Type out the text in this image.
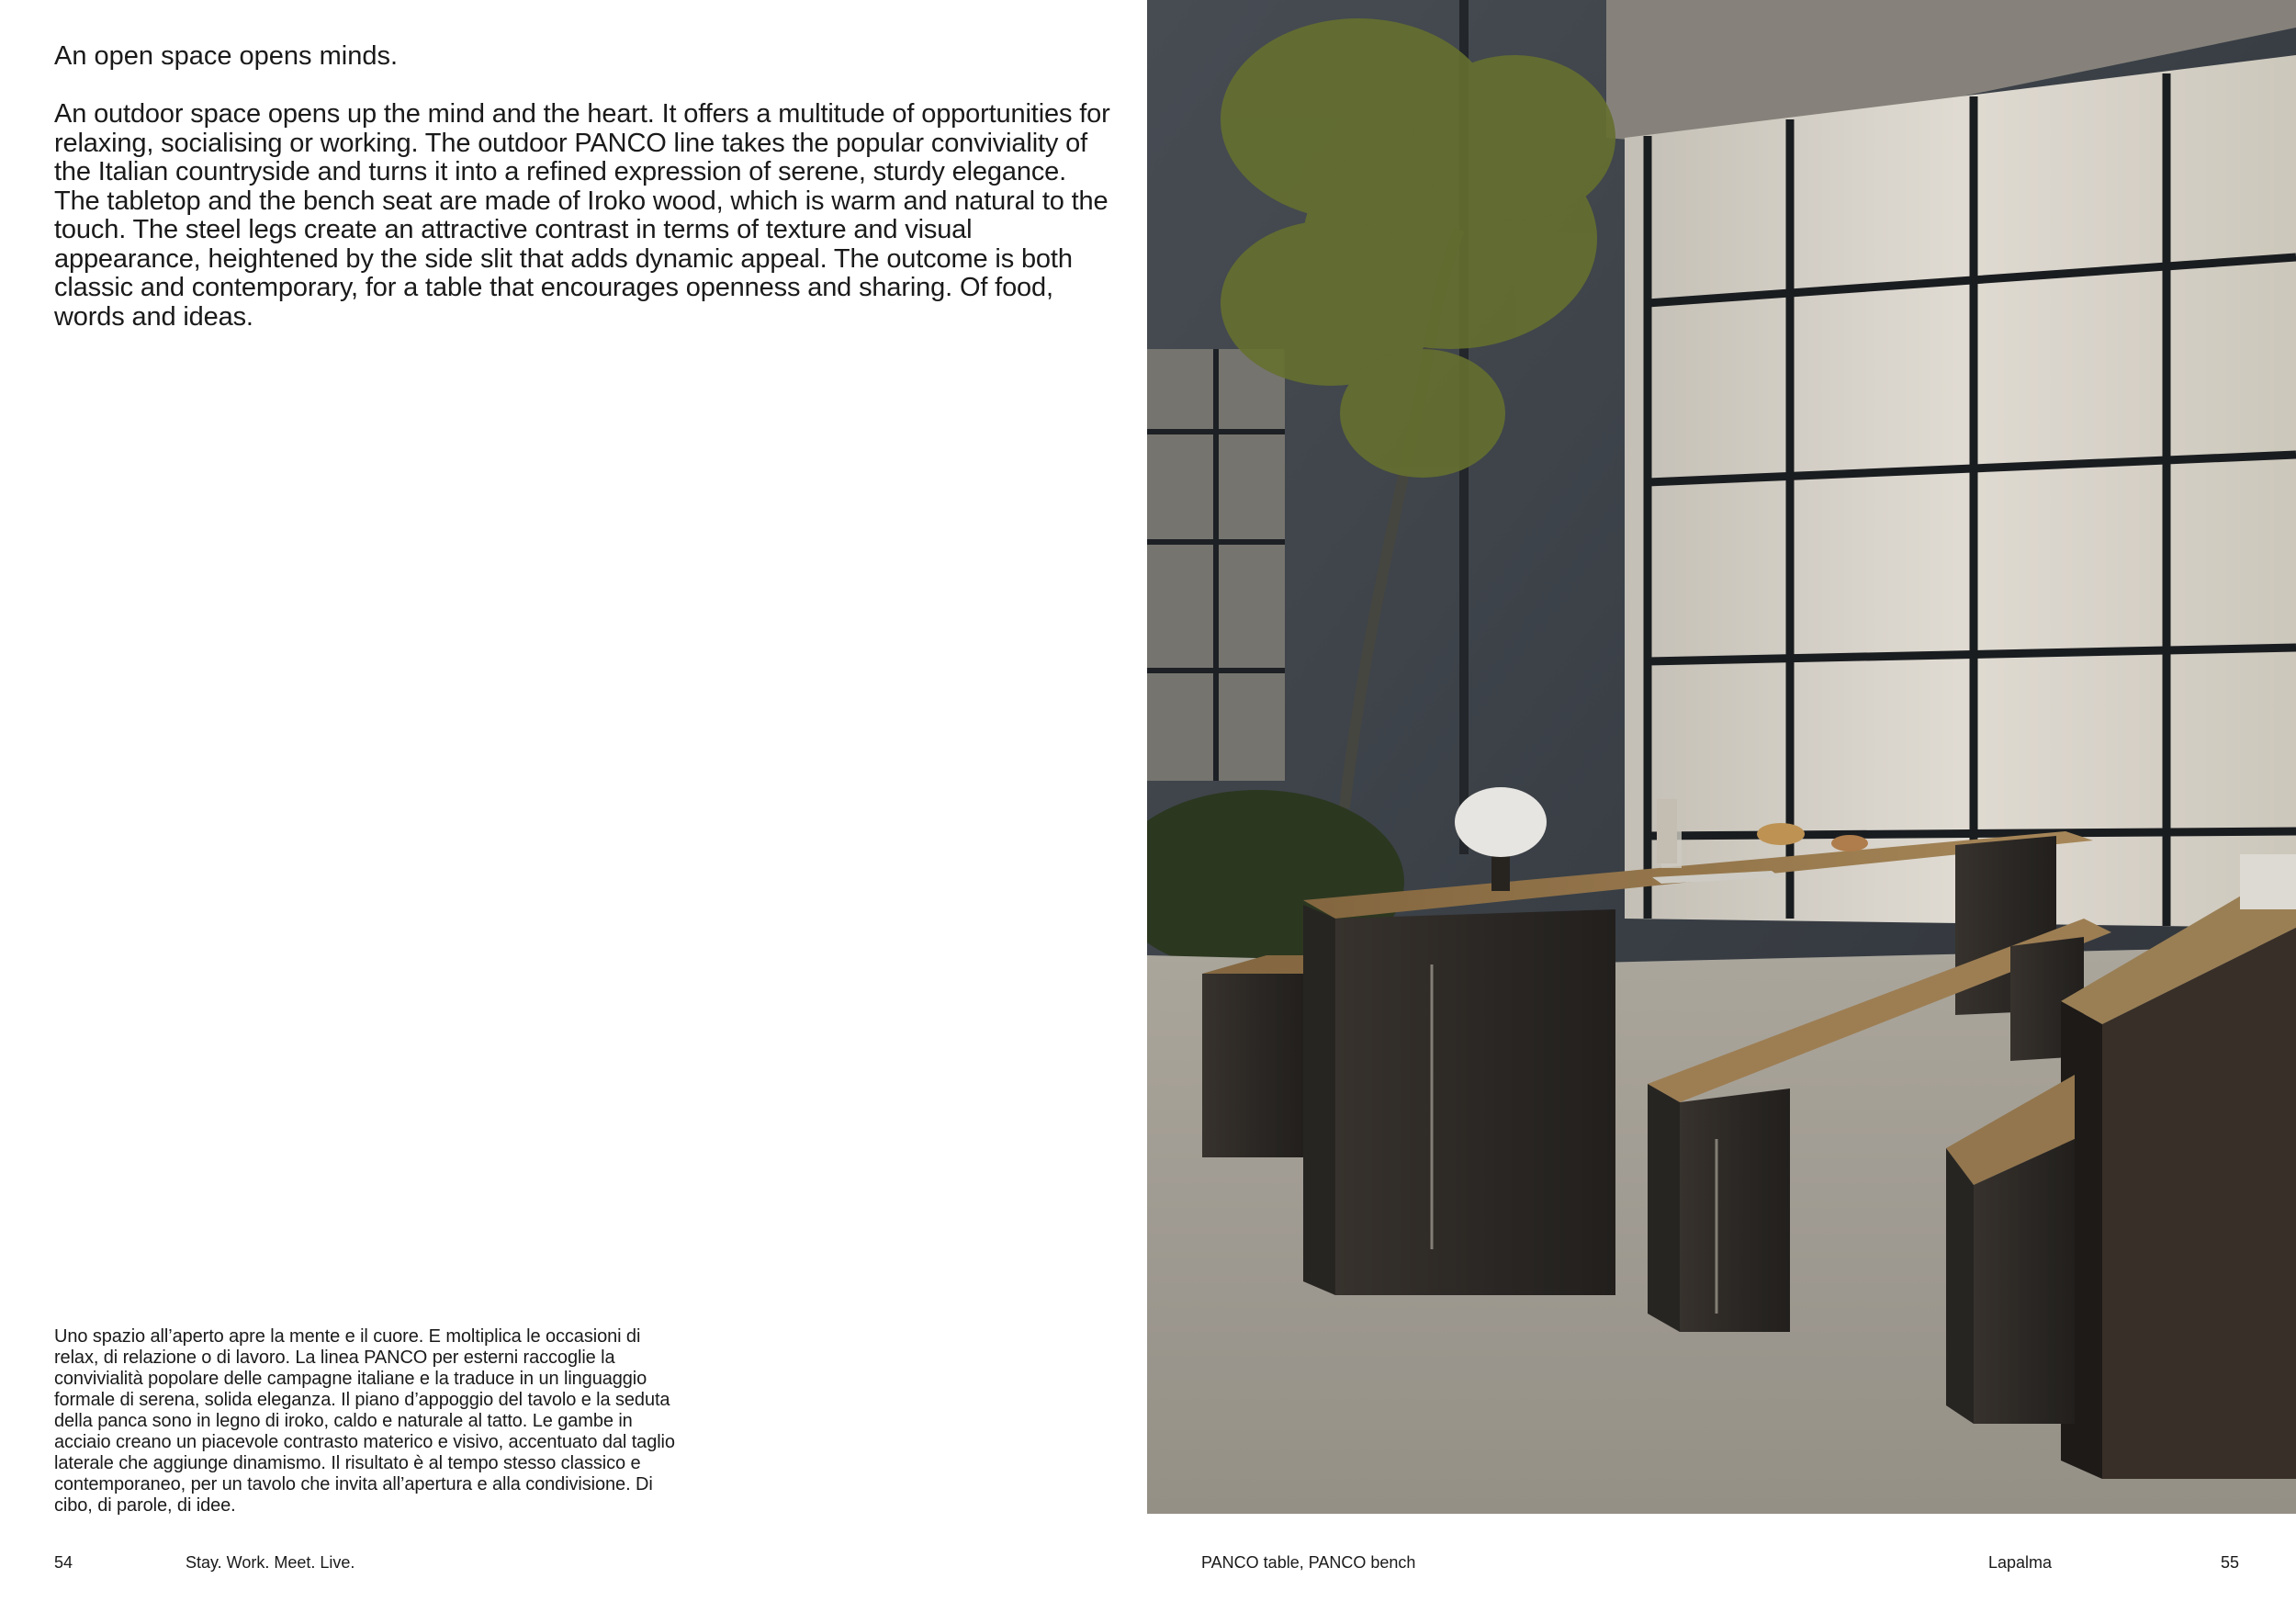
An open space opens minds.

An outdoor space opens up the mind and the heart. It offers a multitude of opportunities for relaxing, socialising or working. The outdoor PANCO line takes the popular conviviality of the Italian countryside and turns it into a refined expression of serene, sturdy elegance. The tabletop and the bench seat are made of Iroko wood, which is warm and natural to the touch. The steel legs create an attractive contrast in terms of texture and visual appearance, heightened by the side slit that adds dynamic appeal. The outcome is both classic and contemporary, for a table that encourages openness and sharing. Of food, words and ideas.

Uno spazio all’aperto apre la mente e il cuore. E moltiplica le occasioni di relax, di relazione o di lavoro. La linea PANCO per esterni raccoglie la convivialità popolare delle campagne italiane e la traduce in un linguaggio formale di serena, solida eleganza. Il piano d’appoggio del tavolo e la seduta della panca sono in legno di iroko, caldo e naturale al tatto. Le gambe in acciaio creano un piacevole contrasto materico e visivo, accentuato dal taglio laterale che aggiunge dinamismo. Il risultato è al tempo stesso classico e contemporaneo, per un tavolo che invita all’apertura e alla condivisione. Di cibo, di parole, di idee.

54	Stay. Work. Meet. Live.	PANCO table, PANCO bench	Lapalma	55
